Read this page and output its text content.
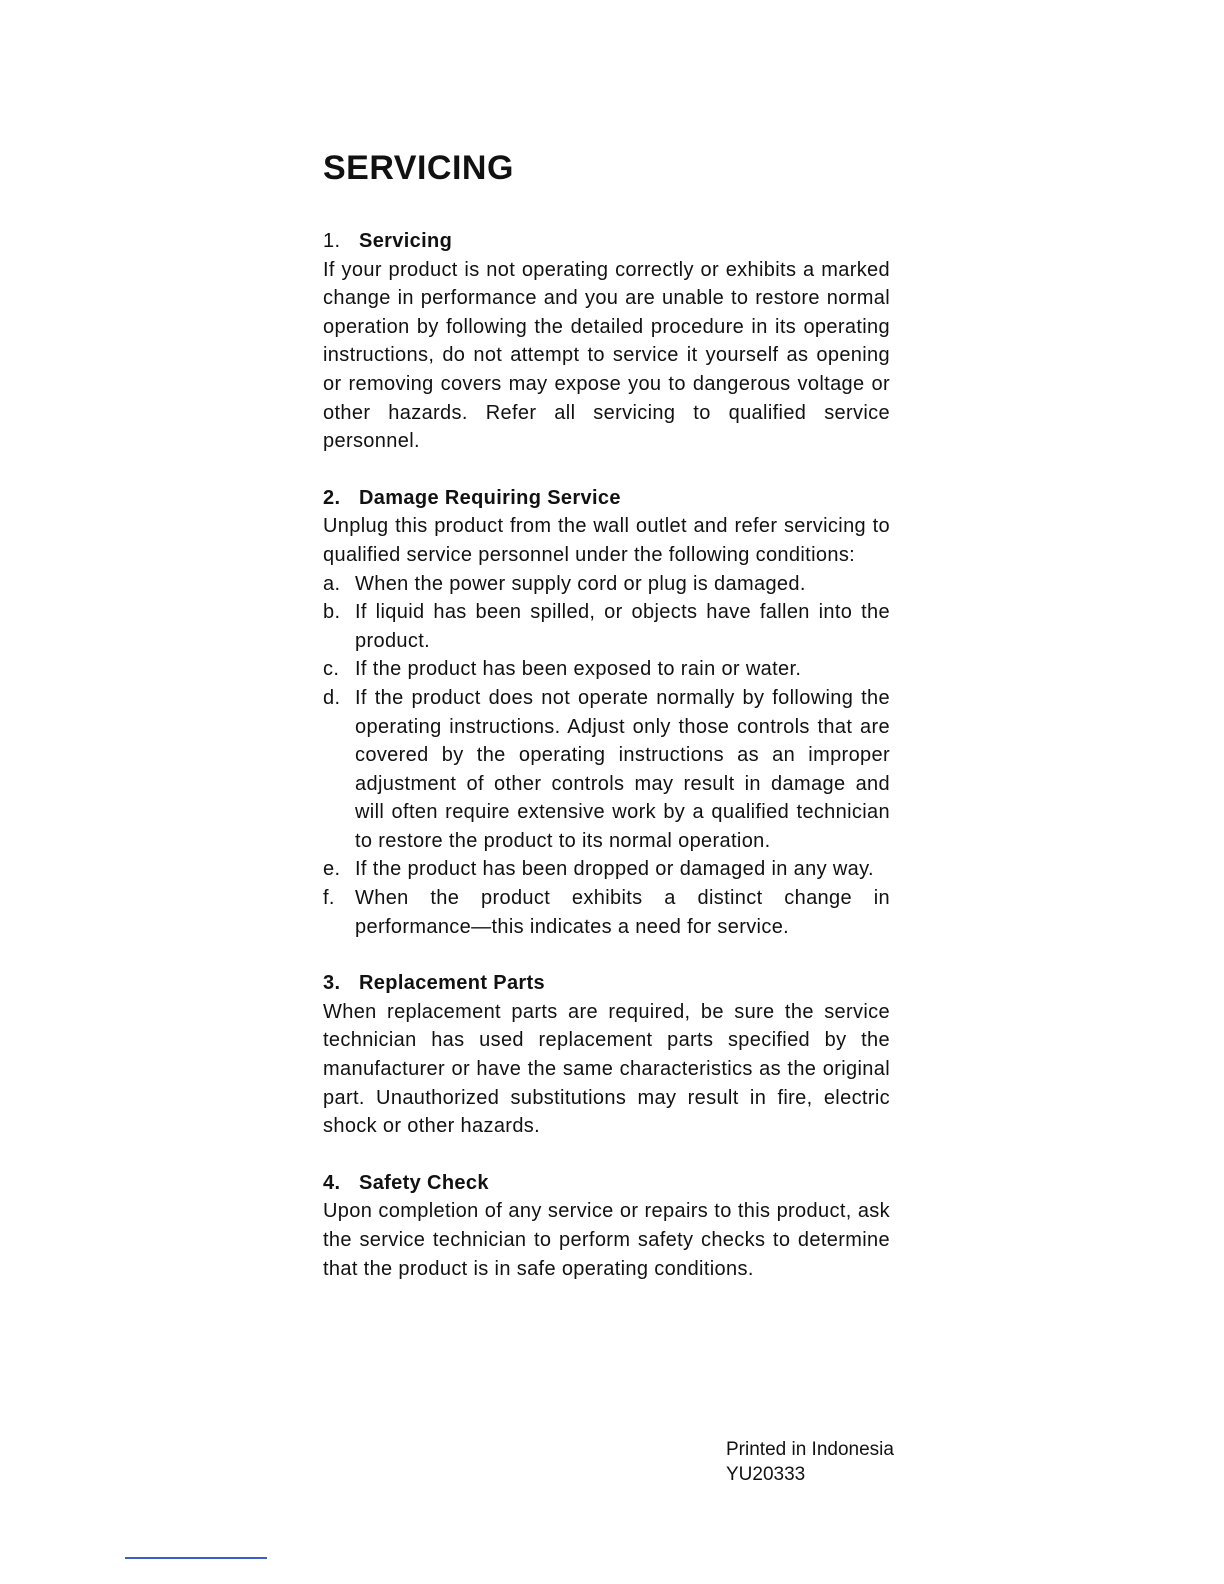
SERVICING
1. Servicing

If your product is not operating correctly or exhibits a marked change in performance and you are unable to restore normal operation by following the detailed procedure in its operating instructions, do not attempt to service it yourself as opening or removing covers may expose you to dangerous voltage or other hazards. Refer all servicing to qualified service personnel.

2. Damage Requiring Service

Unplug this product from the wall outlet and refer servicing to qualified service personnel under the following conditions:

a. When the power supply cord or plug is damaged.
b. If liquid has been spilled, or objects have fallen into the product.
c. If the product has been exposed to rain or water.
d. If the product does not operate normally by following the operating instructions. Adjust only those controls that are covered by the operating instructions as an improper adjustment of other controls may result in damage and will often require extensive work by a qualified technician to restore the product to its normal operation.
e. If the product has been dropped or damaged in any way.
f.	When the product exhibits a distinct change in performance—this indicates a need for service.
3. Replacement Parts

When replacement parts are required, be sure the service technician has used replacement parts specified by the manufacturer or have the same characteristics as the original part. Unauthorized substitutions may result in fire, electric shock or other hazards.

4. Safety Check

Upon completion of any service or repairs to this product, ask the service technician to perform safety checks to determine that the product is in safe operating conditions.

Printed in Indonesia
YU20333
